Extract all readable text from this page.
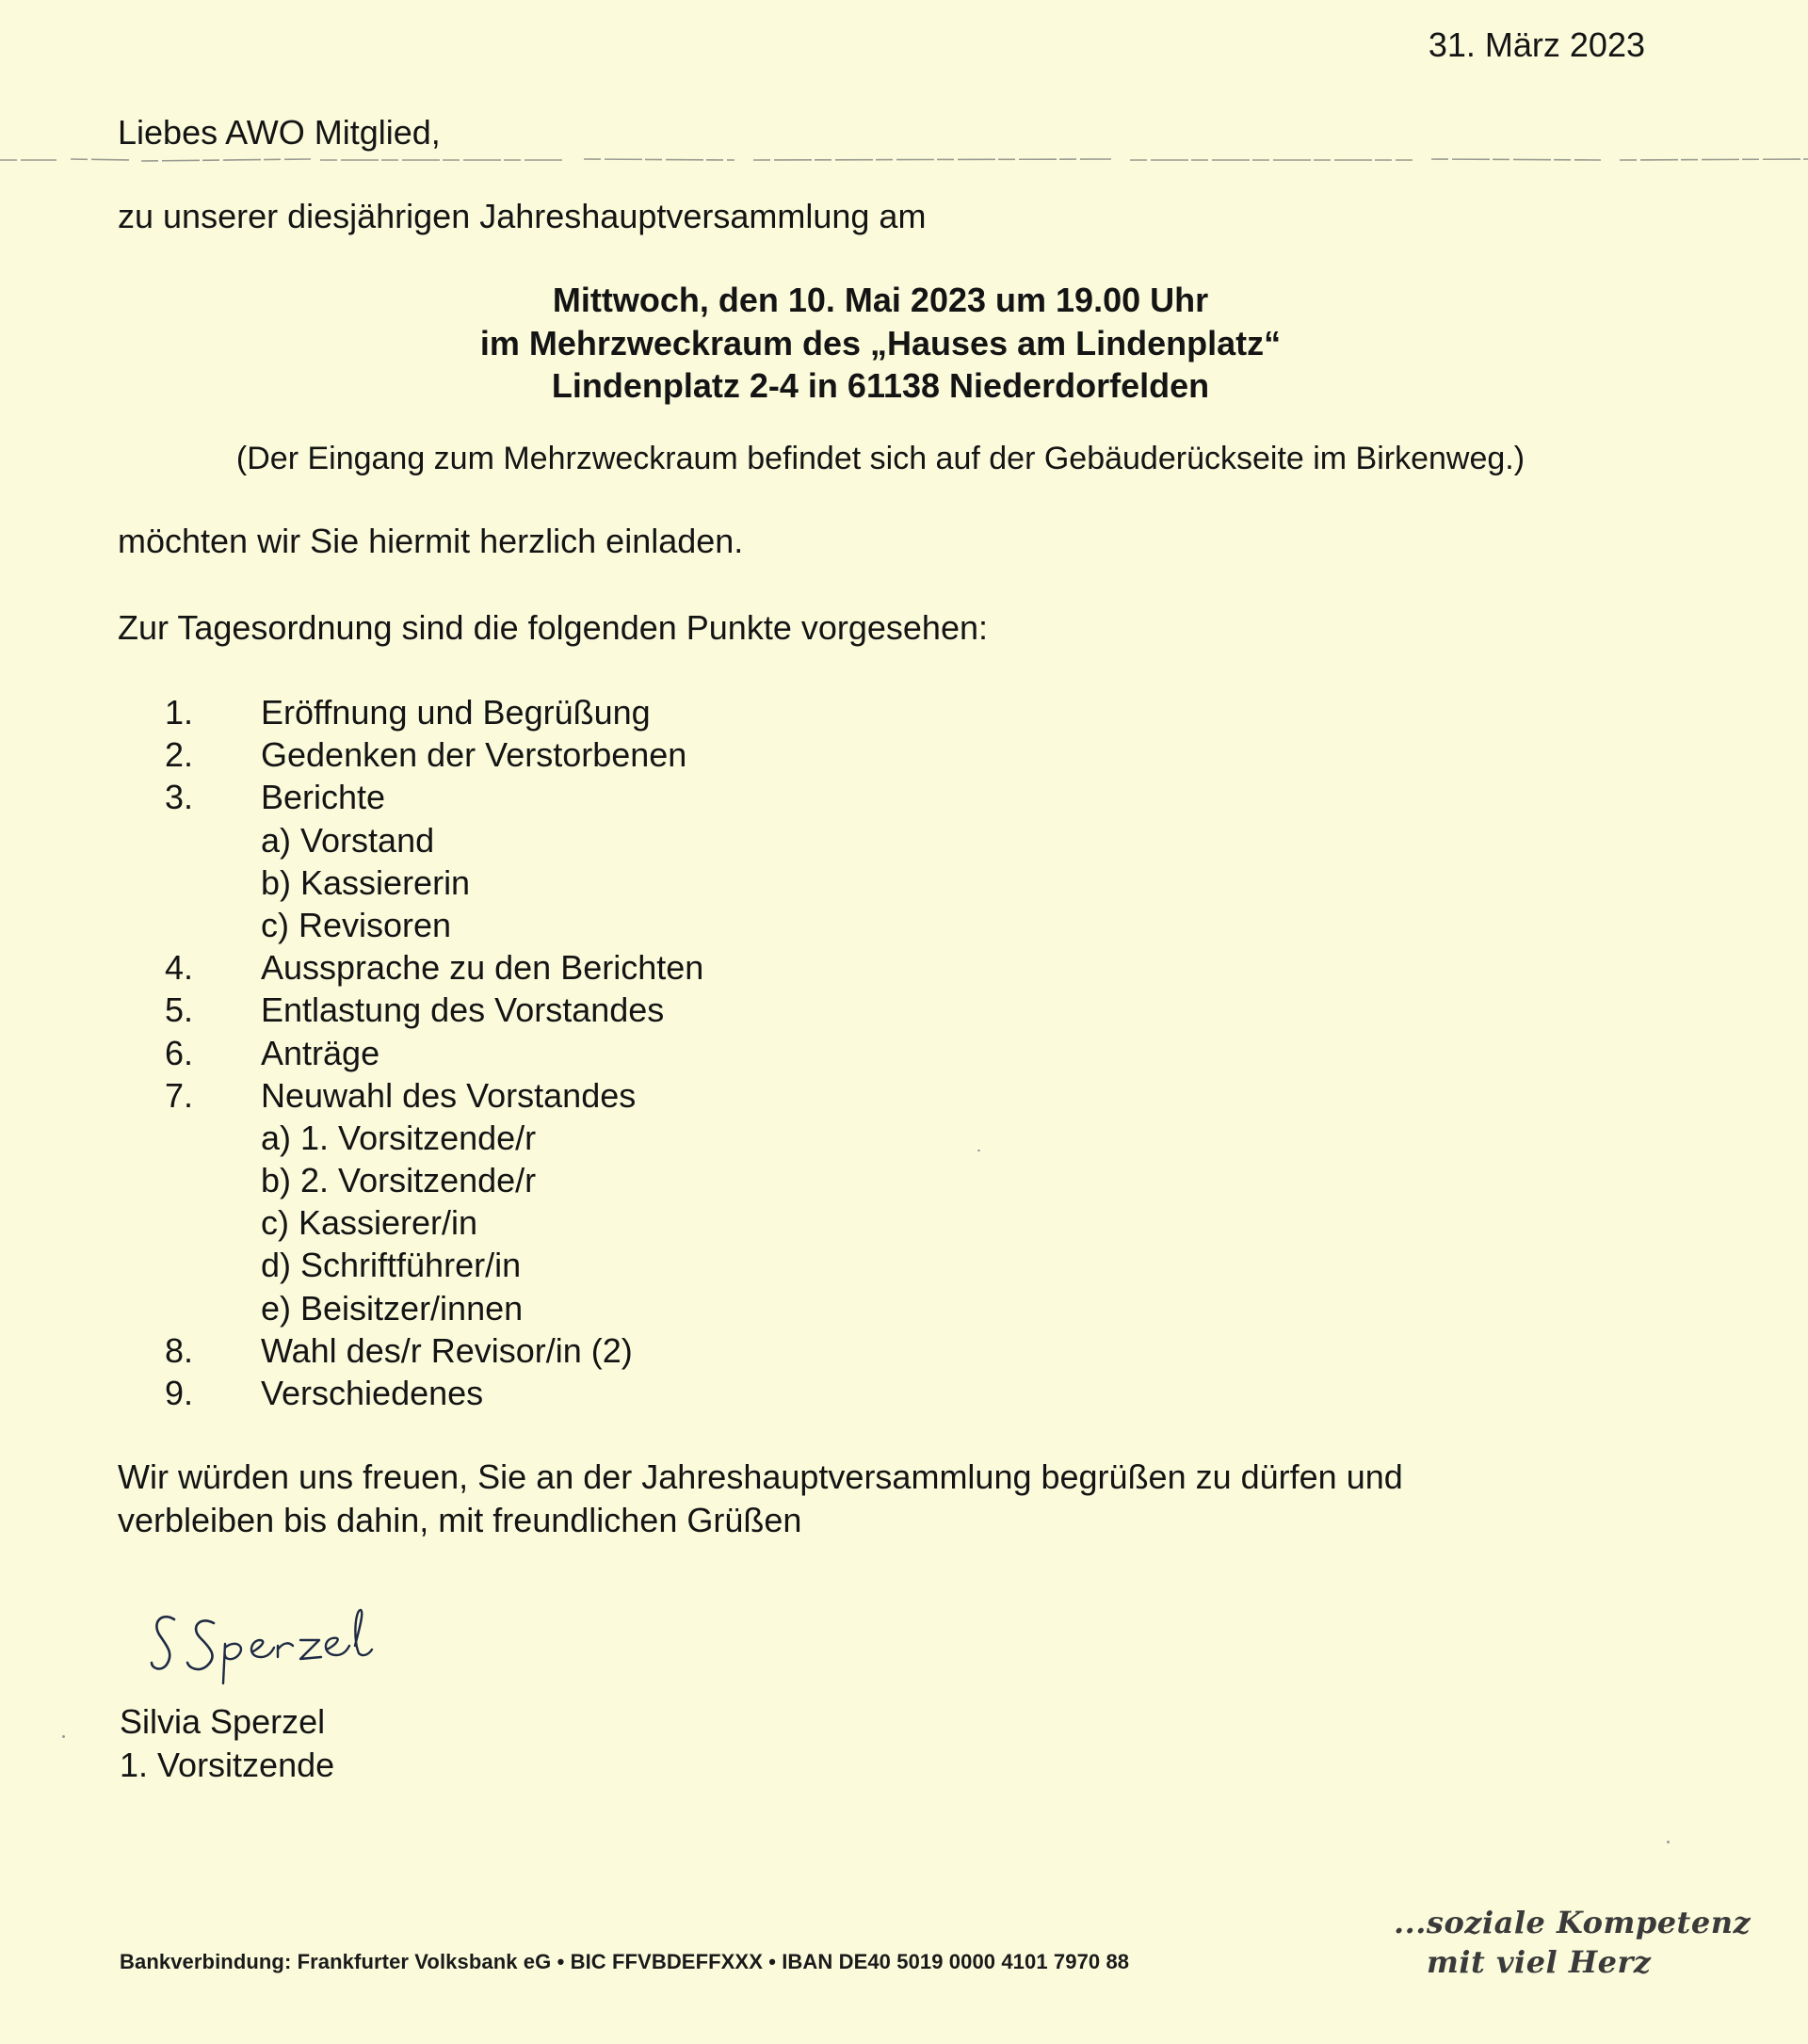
31. März 2023
Liebes AWO Mitglied,
zu unserer diesjährigen Jahreshauptversammlung am
Mittwoch, den 10. Mai 2023 um 19.00 Uhr
im Mehrzweckraum des „Hauses am Lindenplatz“
Lindenplatz 2-4 in 61138 Niederdorfelden
(Der Eingang zum Mehrzweckraum befindet sich auf der Gebäuderückseite im Birkenweg.)
möchten wir Sie hiermit herzlich einladen.
Zur Tagesordnung sind die folgenden Punkte vorgesehen:
1. Eröffnung und Begrüßung
2. Gedenken der Verstorbenen
3. Berichte
a) Vorstand
b) Kassiererin
c) Revisoren
4. Aussprache zu den Berichten
5. Entlastung des Vorstandes
6. Anträge
7. Neuwahl des Vorstandes
a) 1. Vorsitzende/r
b) 2. Vorsitzende/r
c) Kassierer/in
d) Schriftführer/in
e) Beisitzer/innen
8. Wahl des/r Revisor/in (2)
9. Verschiedenes
Wir würden uns freuen, Sie an der Jahreshauptversammlung begrüßen zu dürfen und
verbleiben bis dahin, mit freundlichen Grüßen
Silvia Sperzel
1. Vorsitzende
Bankverbindung: Frankfurter Volksbank eG • BIC FFVBDEFFXXX • IBAN DE40 5019 0000 4101 7970 88
...soziale Kompetenz
mit viel Herz
